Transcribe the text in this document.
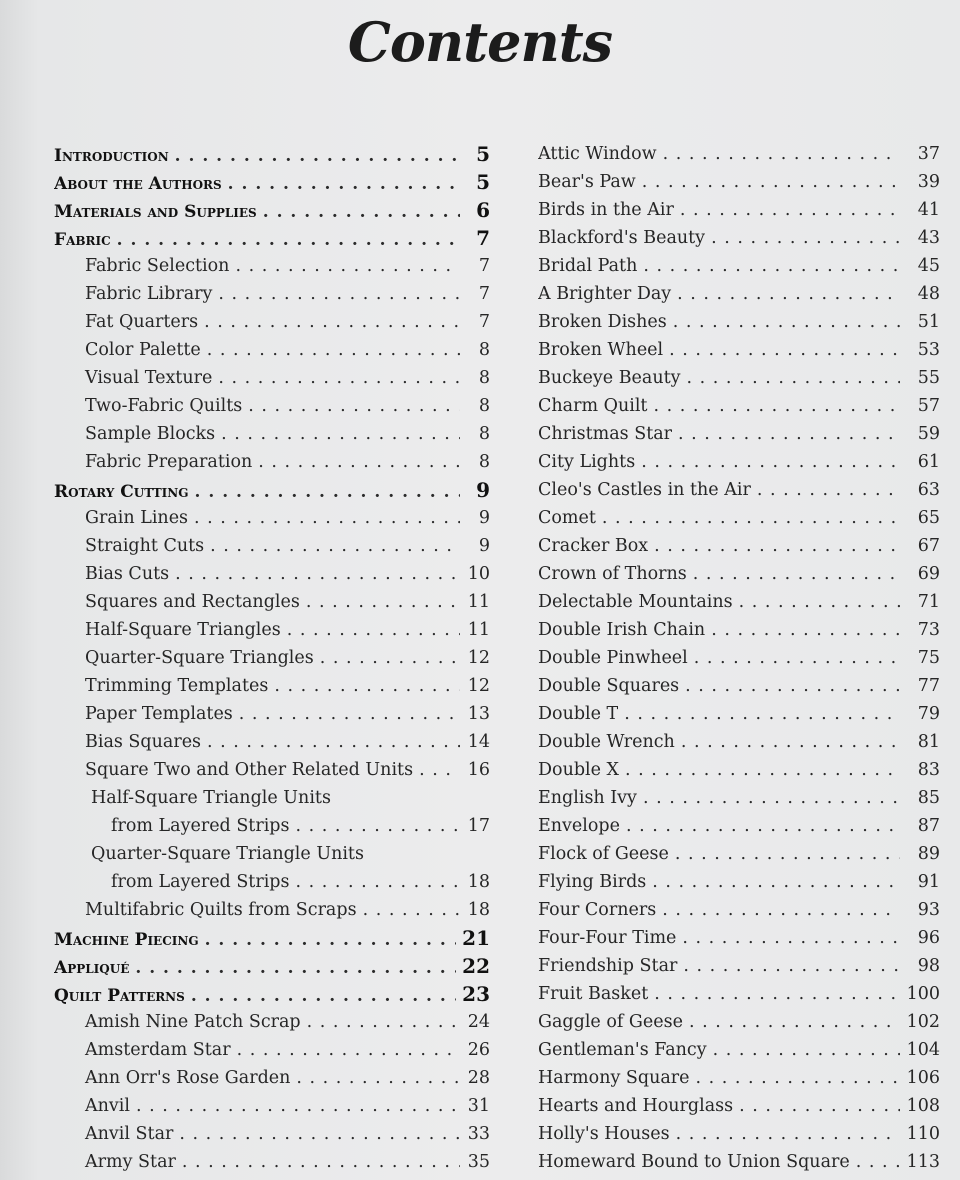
Contents
Introduction . . .	5
About the Authors . . .	5
Materials and Supplies . . .	6
Fabric . . .	7
Fabric Selection . . .	7
Fabric Library . . .	7
Fat Quarters . . .	7
Color Palette . . .	8
Visual Texture . . .	8
Two-Fabric Quilts . . .	8
Sample Blocks . . .	8
Fabric Preparation . . .	8
Rotary Cutting . . .	9
Grain Lines . . .	9
Straight Cuts . . .	9
Bias Cuts . . .	10
Squares and Rectangles . . .	11
Half-Square Triangles . . .	11
Quarter-Square Triangles . . .	12
Trimming Templates . . .	12
Paper Templates . . .	13
Bias Squares . . .	14
Square Two and Other Related Units . . .	16
Half-Square Triangle Units
from Layered Strips . . .	17
Quarter-Square Triangle Units
from Layered Strips . . .	18
Multifabric Quilts from Scraps . . .	18
Machine Piecing . . .	21
Appliqué . . .	22
Quilt Patterns . . .	23
Amish Nine Patch Scrap . . .	24
Amsterdam Star . . .	26
Ann Orr's Rose Garden . . .	28
Anvil . . .	31
Anvil Star . . .	33
Army Star . . .	35
Attic Window . . .	37
Bear's Paw . . .	39
Birds in the Air . . .	41
Blackford's Beauty . . .	43
Bridal Path . . .	45
A Brighter Day . . .	48
Broken Dishes . . .	51
Broken Wheel . . .	53
Buckeye Beauty . . .	55
Charm Quilt . . .	57
Christmas Star . . .	59
City Lights . . .	61
Cleo's Castles in the Air . . .	63
Comet . . .	65
Cracker Box . . .	67
Crown of Thorns . . .	69
Delectable Mountains . . .	71
Double Irish Chain . . .	73
Double Pinwheel . . .	75
Double Squares . . .	77
Double T . . .	79
Double Wrench . . .	81
Double X . . .	83
English Ivy . . .	85
Envelope . . .	87
Flock of Geese . . .	89
Flying Birds . . .	91
Four Corners . . .	93
Four-Four Time . . .	96
Friendship Star . . .	98
Fruit Basket . . .	100
Gaggle of Geese . . .	102
Gentleman's Fancy . . .	104
Harmony Square . . .	106
Hearts and Hourglass . . .	108
Holly's Houses . . .	110
Homeward Bound to Union Square . . .	113
